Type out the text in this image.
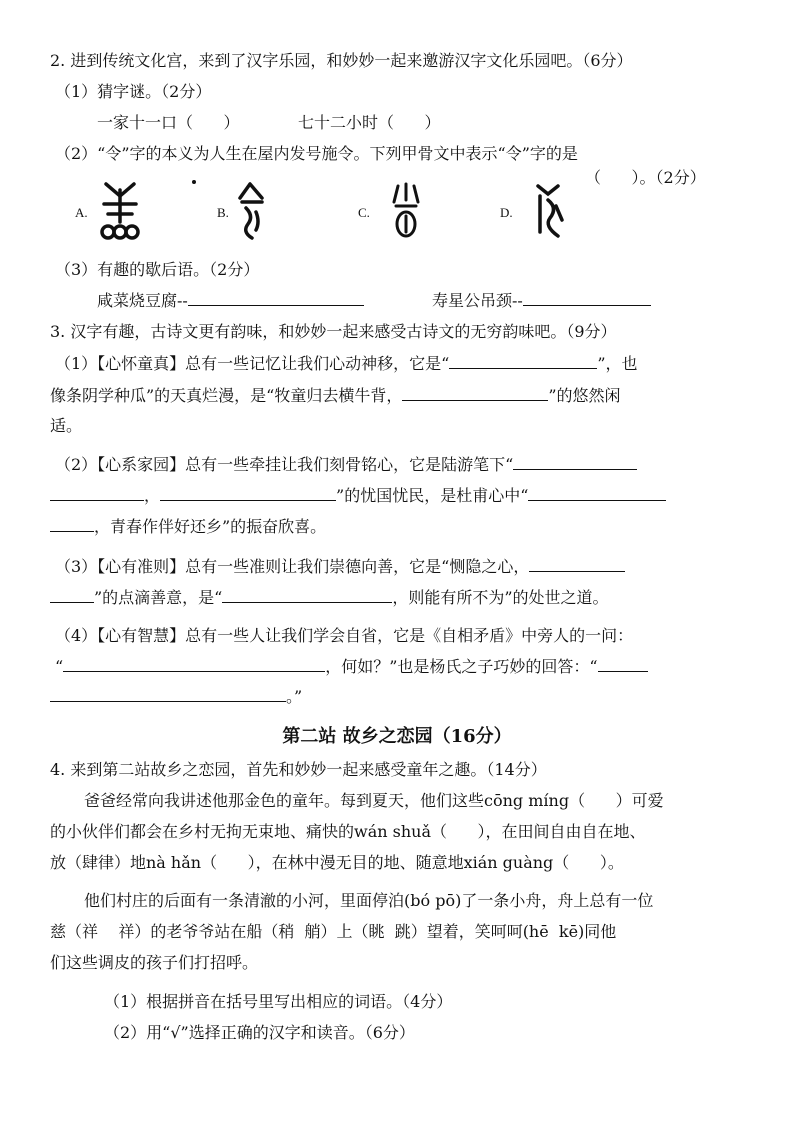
2. 进到传统文化宫，来到了汉字乐园，和妙妙一起来邀游汉字文化乐园吧。（6分）
（1）猜字谜。（2分）
一家十一口（      ）	七十二小时（      ）
（2）“令”字的本义为人生在屋内发号施令。下列甲骨文中表示“令”字的是
（      ）。（2分）
A.	B.	C.	D.
（3）有趣的歇后语。（2分）
咸菜烧豆腐--	寿星公吊颈--
3. 汉字有趣，古诗文更有韵味，和妙妙一起来感受古诗文的无穷韵味吧。（9分）
（1）【心怀童真】总有一些记忆让我们心动神移，它是“	”，也
像条阴学种瓜”的天真烂漫，是“牧童归去横牛背，	”的悠然闲
适。
（2）【心系家园】总有一些牵挂让我们刻骨铭心，它是陆游笔下“
，	”的忧国忧民，是杜甫心中“
，青春作伴好还乡”的振奋欣喜。
（3）【心有准则】总有一些准则让我们崇德向善，它是“恻隐之心，
”的点滴善意，是“	，则能有所不为”的处世之道。
（4）【心有智慧】总有一些人让我们学会自省，它是《自相矛盾》中旁人的一问：
“	，何如？”也是杨氏之子巧妙的回答：“
。”
第二站 故乡之恋园（16分）
4. 来到第二站故乡之恋园，首先和妙妙一起来感受童年之趣。（14分）
爸爸经常向我讲述他那金色的童年。每到夏天，他们这些cōng míng（      ）可爱
的小伙伴们都会在乡村无拘无束地、痛快的wán shuǎ（      ），在田间自由自在地、
放（肆律）地nà hǎn（      ），在林中漫无目的地、随意地xián guàng（      ）。
他们村庄的后面有一条清澈的小河，里面停泊(bó pō)了一条小舟，舟上总有一位
慈（祥    祥）的老爷爷站在船（稍  艄）上（眺  跳）望着，笑呵呵(hē  kē)同他
们这些调皮的孩子们打招呼。
（1）根据拼音在括号里写出相应的词语。（4分）
（2）用“√”选择正确的汉字和读音。（6分）
